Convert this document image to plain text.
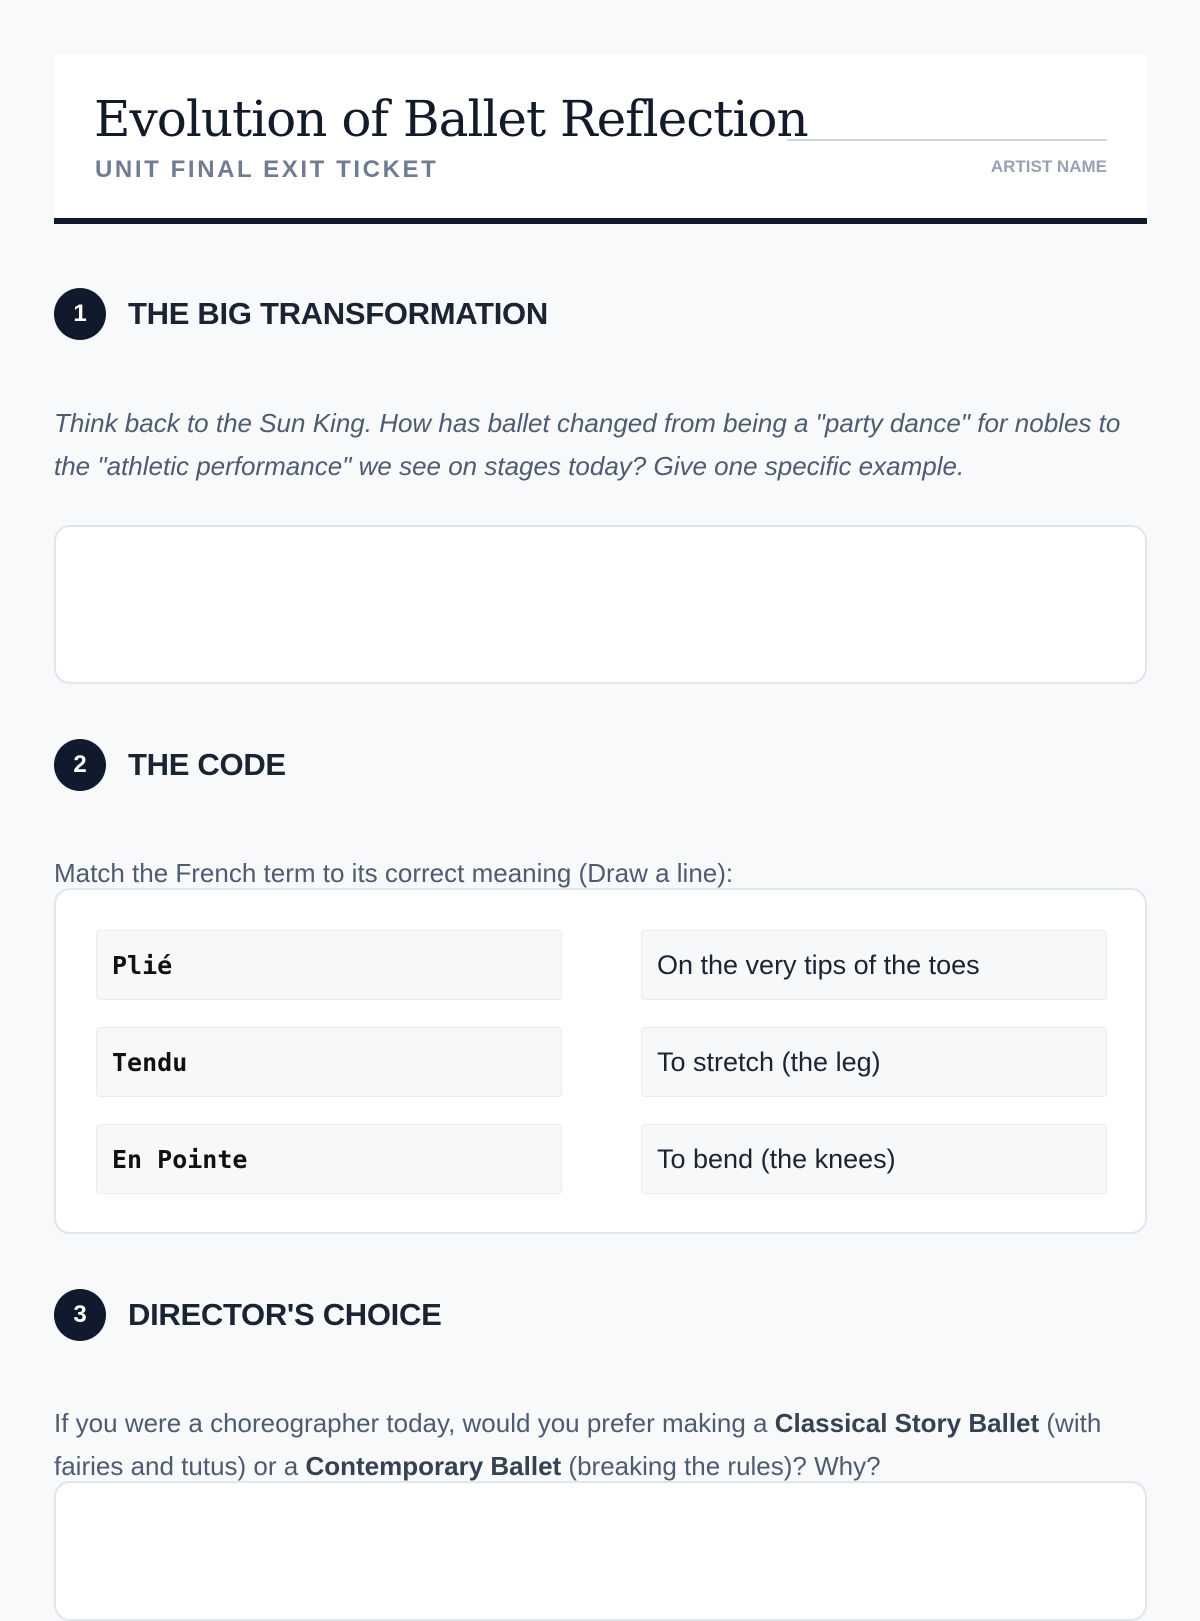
Evolution of Ballet Reflection
UNIT FINAL EXIT TICKET	ARTIST NAME
1	THE BIG TRANSFORMATION
Think back to the Sun King. How has ballet changed from being a "party dance" for nobles to the "athletic performance" we see on stages today? Give one specific example.
2	THE CODE
Match the French term to its correct meaning (Draw a line):
Plié	On the very tips of the toes
Tendu	To stretch (the leg)
En Pointe	To bend (the knees)
3	DIRECTOR'S CHOICE
If you were a choreographer today, would you prefer making a Classical Story Ballet (with fairies and tutus) or a Contemporary Ballet (breaking the rules)? Why?
